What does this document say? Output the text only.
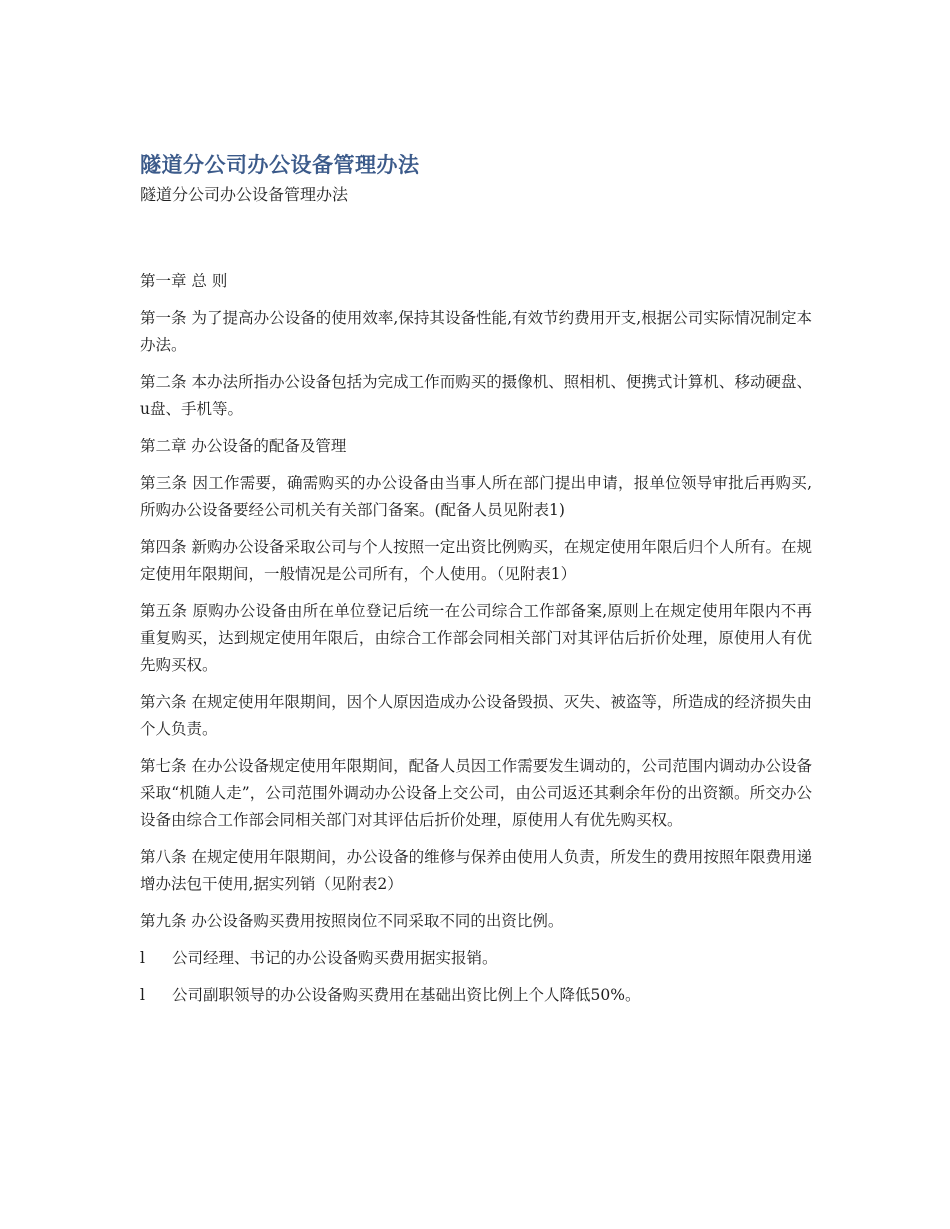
隧道分公司办公设备管理办法

隧道分公司办公设备管理办法

第一章 总 则

第一条 为了提高办公设备的使用效率,保持其设备性能,有效节约费用开支,根据公司实际情况制定本办法。

第二条 本办法所指办公设备包括为完成工作而购买的摄像机、照相机、便携式计算机、移动硬盘、u盘、手机等。

第二章 办公设备的配备及管理

第三条 因工作需要，确需购买的办公设备由当事人所在部门提出申请，报单位领导审批后再购买,所购办公设备要经公司机关有关部门备案。(配备人员见附表1)

第四条 新购办公设备采取公司与个人按照一定出资比例购买，在规定使用年限后归个人所有。在规定使用年限期间，一般情况是公司所有，个人使用。（见附表1）

第五条 原购办公设备由所在单位登记后统一在公司综合工作部备案,原则上在规定使用年限内不再重复购买，达到规定使用年限后，由综合工作部会同相关部门对其评估后折价处理，原使用人有优先购买权。

第六条 在规定使用年限期间，因个人原因造成办公设备毁损、灭失、被盗等，所造成的经济损失由个人负责。

第七条 在办公设备规定使用年限期间，配备人员因工作需要发生调动的，公司范围内调动办公设备采取“机随人走”，公司范围外调动办公设备上交公司，由公司返还其剩余年份的出资额。所交办公设备由综合工作部会同相关部门对其评估后折价处理，原使用人有优先购买权。

第八条 在规定使用年限期间，办公设备的维修与保养由使用人负责，所发生的费用按照年限费用递增办法包干使用,据实列销（见附表2）

第九条 办公设备购买费用按照岗位不同采取不同的出资比例。

l	公司经理、书记的办公设备购买费用据实报销。
l	公司副职领导的办公设备购买费用在基础出资比例上个人降低50%。
